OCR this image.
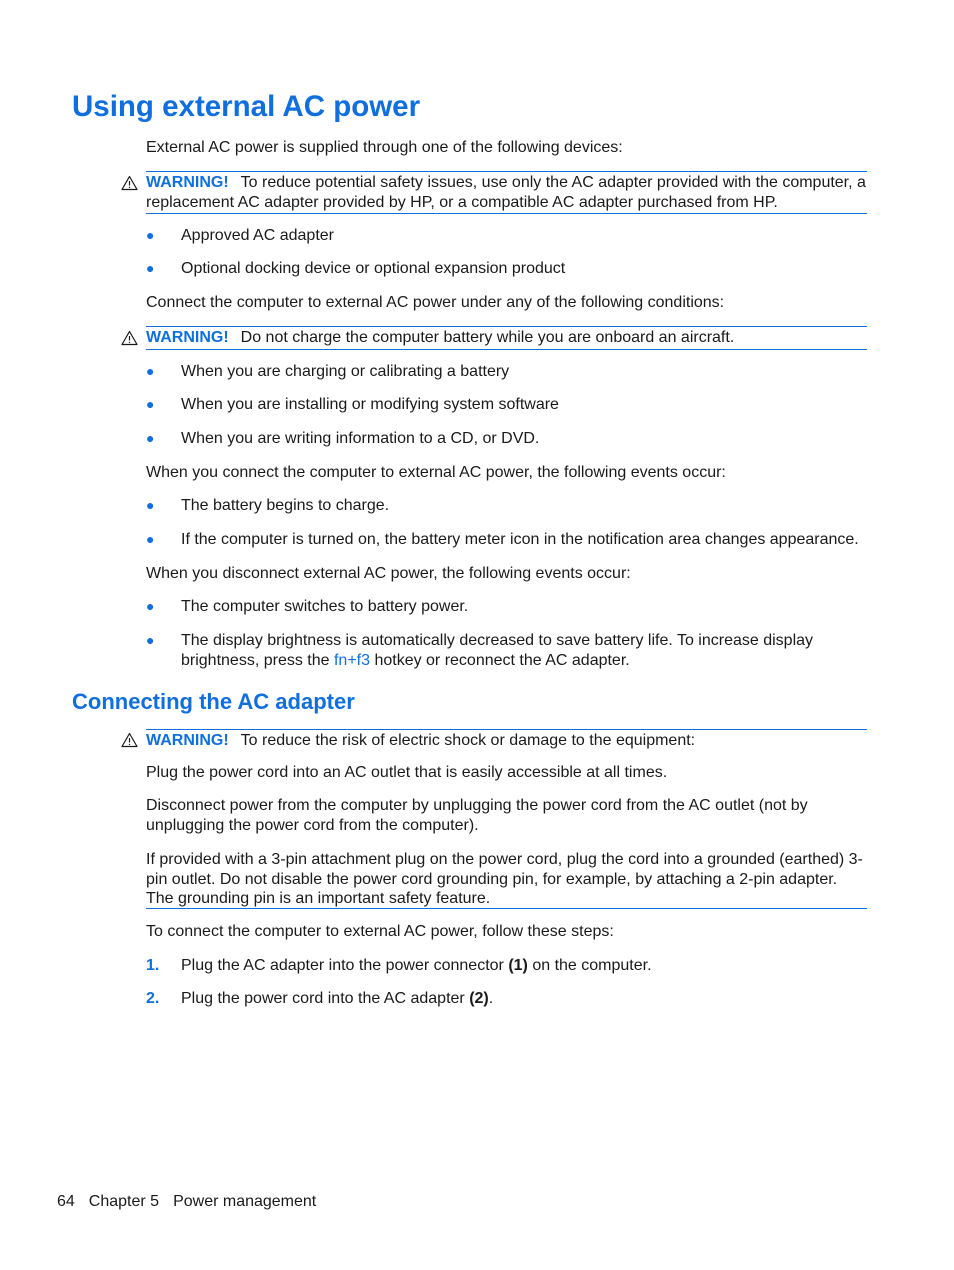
Using external AC power
External AC power is supplied through one of the following devices:
WARNING! To reduce potential safety issues, use only the AC adapter provided with the computer, a replacement AC adapter provided by HP, or a compatible AC adapter purchased from HP.
● Approved AC adapter
● Optional docking device or optional expansion product
Connect the computer to external AC power under any of the following conditions:
WARNING! Do not charge the computer battery while you are onboard an aircraft.
● When you are charging or calibrating a battery
● When you are installing or modifying system software
● When you are writing information to a CD, or DVD.
When you connect the computer to external AC power, the following events occur:
● The battery begins to charge.
● If the computer is turned on, the battery meter icon in the notification area changes appearance.
When you disconnect external AC power, the following events occur:
● The computer switches to battery power.
● The display brightness is automatically decreased to save battery life. To increase display brightness, press the fn+f3 hotkey or reconnect the AC adapter.
Connecting the AC adapter
WARNING! To reduce the risk of electric shock or damage to the equipment:
Plug the power cord into an AC outlet that is easily accessible at all times.
Disconnect power from the computer by unplugging the power cord from the AC outlet (not by unplugging the power cord from the computer).
If provided with a 3-pin attachment plug on the power cord, plug the cord into a grounded (earthed) 3-pin outlet. Do not disable the power cord grounding pin, for example, by attaching a 2-pin adapter. The grounding pin is an important safety feature.
To connect the computer to external AC power, follow these steps:
1. Plug the AC adapter into the power connector (1) on the computer.
2. Plug the power cord into the AC adapter (2).
64 Chapter 5 Power management
